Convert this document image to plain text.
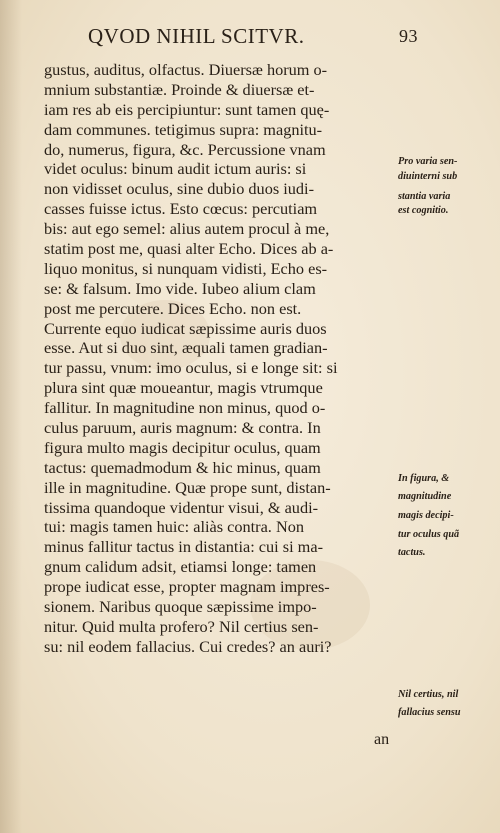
QVOD NIHIL SCITVR.	93
gustus, auditus, olfactus. Diuersæ horum o-
mnium substantiæ. Proinde & diuersæ et-
iam res ab eis percipiuntur: sunt tamen quę-
dam communes. tetigimus supra: magnitu-
do, numerus, figura, &c. Percussione vnam
videt oculus: binum audit ictum auris: si
non vidisset oculus, sine dubio duos iudi-
casses fuisse ictus. Esto cœcus: percutiam
bis: aut ego semel: alius autem procul à me,
statim post me, quasi alter Echo. Dices ab a-
liquo monitus, si nunquam vidisti, Echo es-
se: & falsum. Imo vide. Iubeo alium clam
post me percutere. Dices Echo. non est.
Currente equo iudicat sæpissime auris duos
esse. Aut si duo sint, æquali tamen gradian-
tur passu, vnum: imo oculus, si e longe sit: si
plura sint quæ moueantur, magis vtrumque
fallitur. In magnitudine non minus, quod o-
culus paruum, auris magnum: & contra. In
figura multo magis decipitur oculus, quam
tactus: quemadmodum & hic minus, quam
ille in magnitudine. Quæ prope sunt, distan-
tissima quandoque videntur visui, & audi-
tui: magis tamen huic: aliàs contra. Non
minus fallitur tactus in distantia: cui si ma-
gnum calidum adsit, etiamsi longe: tamen
prope iudicat esse, propter magnam impres-
sionem. Naribus quoque sæpissime impo-
nitur. Quid multa profero? Nil certius sen-
su: nil eodem fallacius. Cui credes? an auri?
Pro varia sen-
diuinterni sub
stantia varia
est cognitio.
In figura, &
magnitudine
magis decipi-
tur oculus quã
tactus.
Nil certius, nil
fallacius sensu
an
